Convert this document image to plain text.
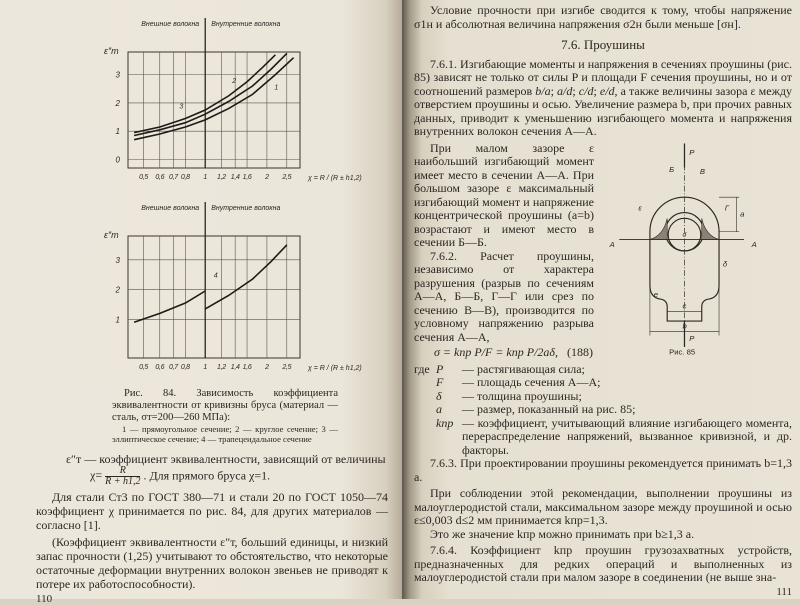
0,5 0,6 0,7 0,8 1 1,2 1,4 1,6 2 2,5
0
1
2
3
Внешние волокна Внутренние волокна
ε″т
χ = R / (R ± h1,2)
1
2
3
0,5 0,6 0,7 0,8 1 1,2 1,4 1,6 2 2,5
1
2
3
Внешние волокна Внутренние волокна
ε″т
χ = R / (R ± h1,2)
4

Рис. 84. Зависимость коэффициента эквивалентности от кривизны бруса (материал — сталь, σт=200—260 МПа):

1 — прямоугольное сечение; 2 — круглое сечение; 3 — эллиптическое сечение; 4 — трапецеидальное сечение

ε″т — коэффициент эквивалентности, зависящий от величины
$\chi= \frac{R}{R + h1,2}$ . Для прямого бруса χ=1.

Для стали Ст3 по ГОСТ 380—71 и стали 20 по ГОСТ 1050—74 коэффициент χ принимается по рис. 84, для других материалов — согласно [1].

(Коэффициент эквивалентности ε″т, больший единицы, и низкий запас прочности (1,25) учитывают то обстоятельство, что некоторые остаточные деформации внутренних волокон звеньев не приводят к потере их работоспособности).

110

Условие прочности при изгибе сводится к тому, чтобы напряжение σ1н и абсолютная величина напряжения σ2н были меньше [σн].

7.6. Проушины

7.6.1. Изгибающие моменты и напряжения в сечениях проушины (рис. 85) зависят не только от силы P и площади F сечения проушины, но и от соотношений размеров b/a; a/d; c/d; e/d, а также величины зазора ε между отверстием проушины и осью. Увеличение размера b, при прочих равных данных, приводит к уменьшению изгибающего момента и напряжения внутренних волокон сечения А—А.

P
P
Б	В
Г
А	А
a
b
c
d
e
ε
δ
Рис. 85

При малом зазоре ε наибольший изгибающий момент имеет место в сечении А—А. При большом зазоре ε максимальный изгибающий момент и напряжение концентрической проушины (a=b) возрастают и имеют место в сечении Б—Б.

7.6.2. Расчет проушины, независимо от характера разрушения (разрыв по сечениям А—А, Б—Б, Г—Г или срез по сечению В—В), производится по условному напряжению разрыва сечения А—А,

σ = kпр P/F = kпр P/2aδ, (188)
где P	— растягивающая сила;
F	— площадь сечения А—А;
δ	— толщина проушины;
a	— размер, показанный на рис. 85;
kпр — коэффициент, учитывающий влияние изгибающего момента, перераспределение напряжений, вызванное кривизной, и др. факторы.

7.6.3. При проектировании проушины рекомендуется принимать b=1,3 a.

При соблюдении этой рекомендации, выполнении проушины из малоуглеродистой стали, максимальном зазоре между проушиной и осью ε≤0,003 d≤2 мм принимается kпр=1,3.

Это же значение kпр можно принимать при b≥1,3 a.

7.6.4. Коэффициент kпр проушин грузозахватных устройств, предназначенных для редких операций и выполненных из малоуглеродистой стали при малом зазоре в соединении (не выше зна-

111
